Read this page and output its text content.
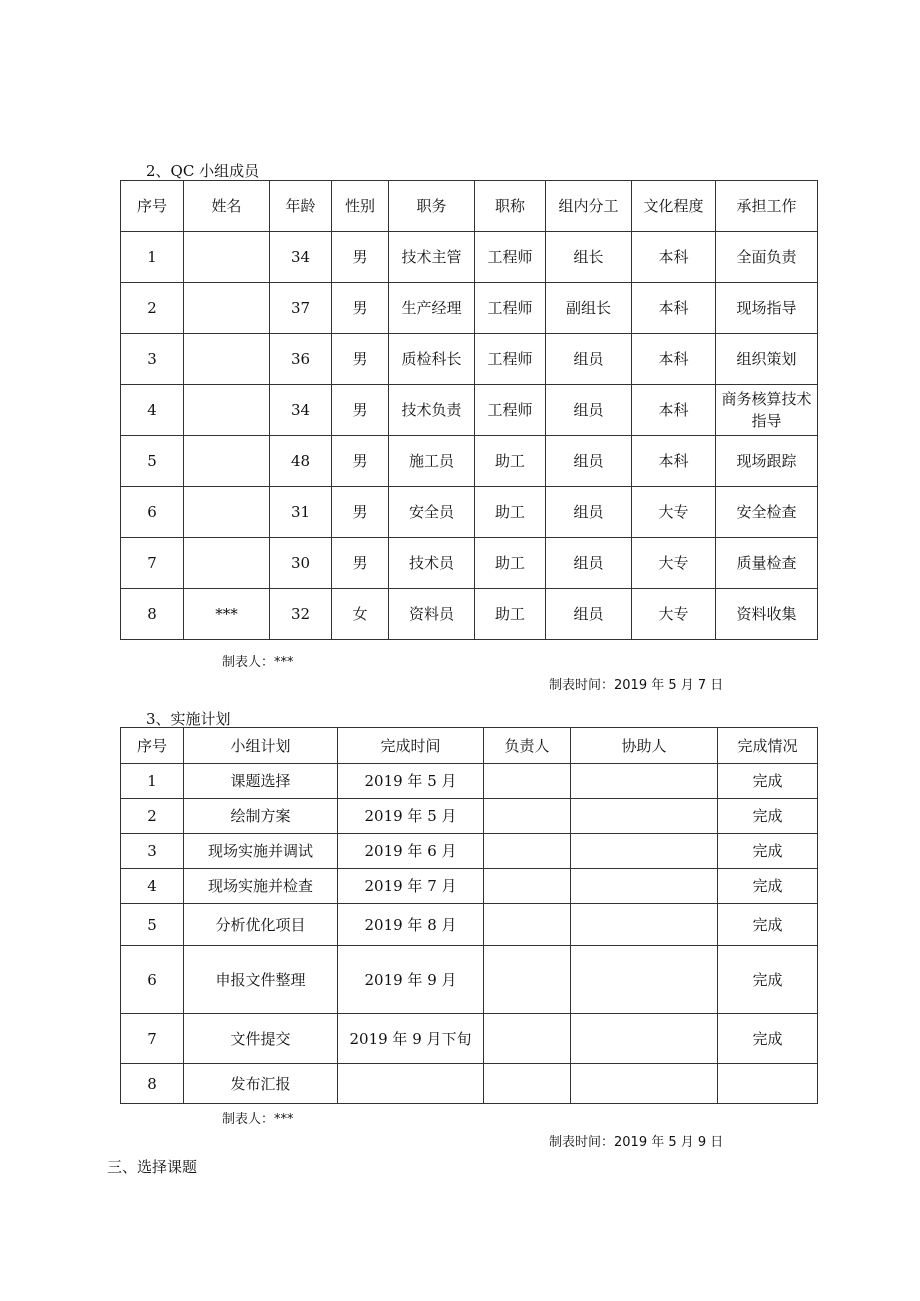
2、QC 小组成员
序号	姓名	年龄	性别	职务	职称	组内分工	文化程度	承担工作
1		34	男	技术主管	工程师	组长	本科	全面负责
2		37	男	生产经理	工程师	副组长	本科	现场指导
3		36	男	质检科长	工程师	组员	本科	组织策划
4		34	男	技术负责	工程师	组员	本科	商务核算技术指导
5		48	男	施工员	助工	组员	本科	现场跟踪
6		31	男	安全员	助工	组员	大专	安全检查
7		30	男	技术员	助工	组员	大专	质量检查
8	***	32	女	资料员	助工	组员	大专	资料收集
制表人：***
制表时间：2019 年 5 月 7 日
3、实施计划
序号	小组计划	完成时间	负责人	协助人	完成情况
1	课题选择	2019 年 5 月			完成
2	绘制方案	2019 年 5 月			完成
3	现场实施并调试	2019 年 6 月			完成
4	现场实施并检查	2019 年 7 月			完成
5	分析优化项目	2019 年 8 月			完成
6	申报文件整理	2019 年 9 月			完成
7	文件提交	2019 年 9 月下旬			完成
8	发布汇报				
制表人：***
制表时间：2019 年 5 月 9 日
三、选择课题
